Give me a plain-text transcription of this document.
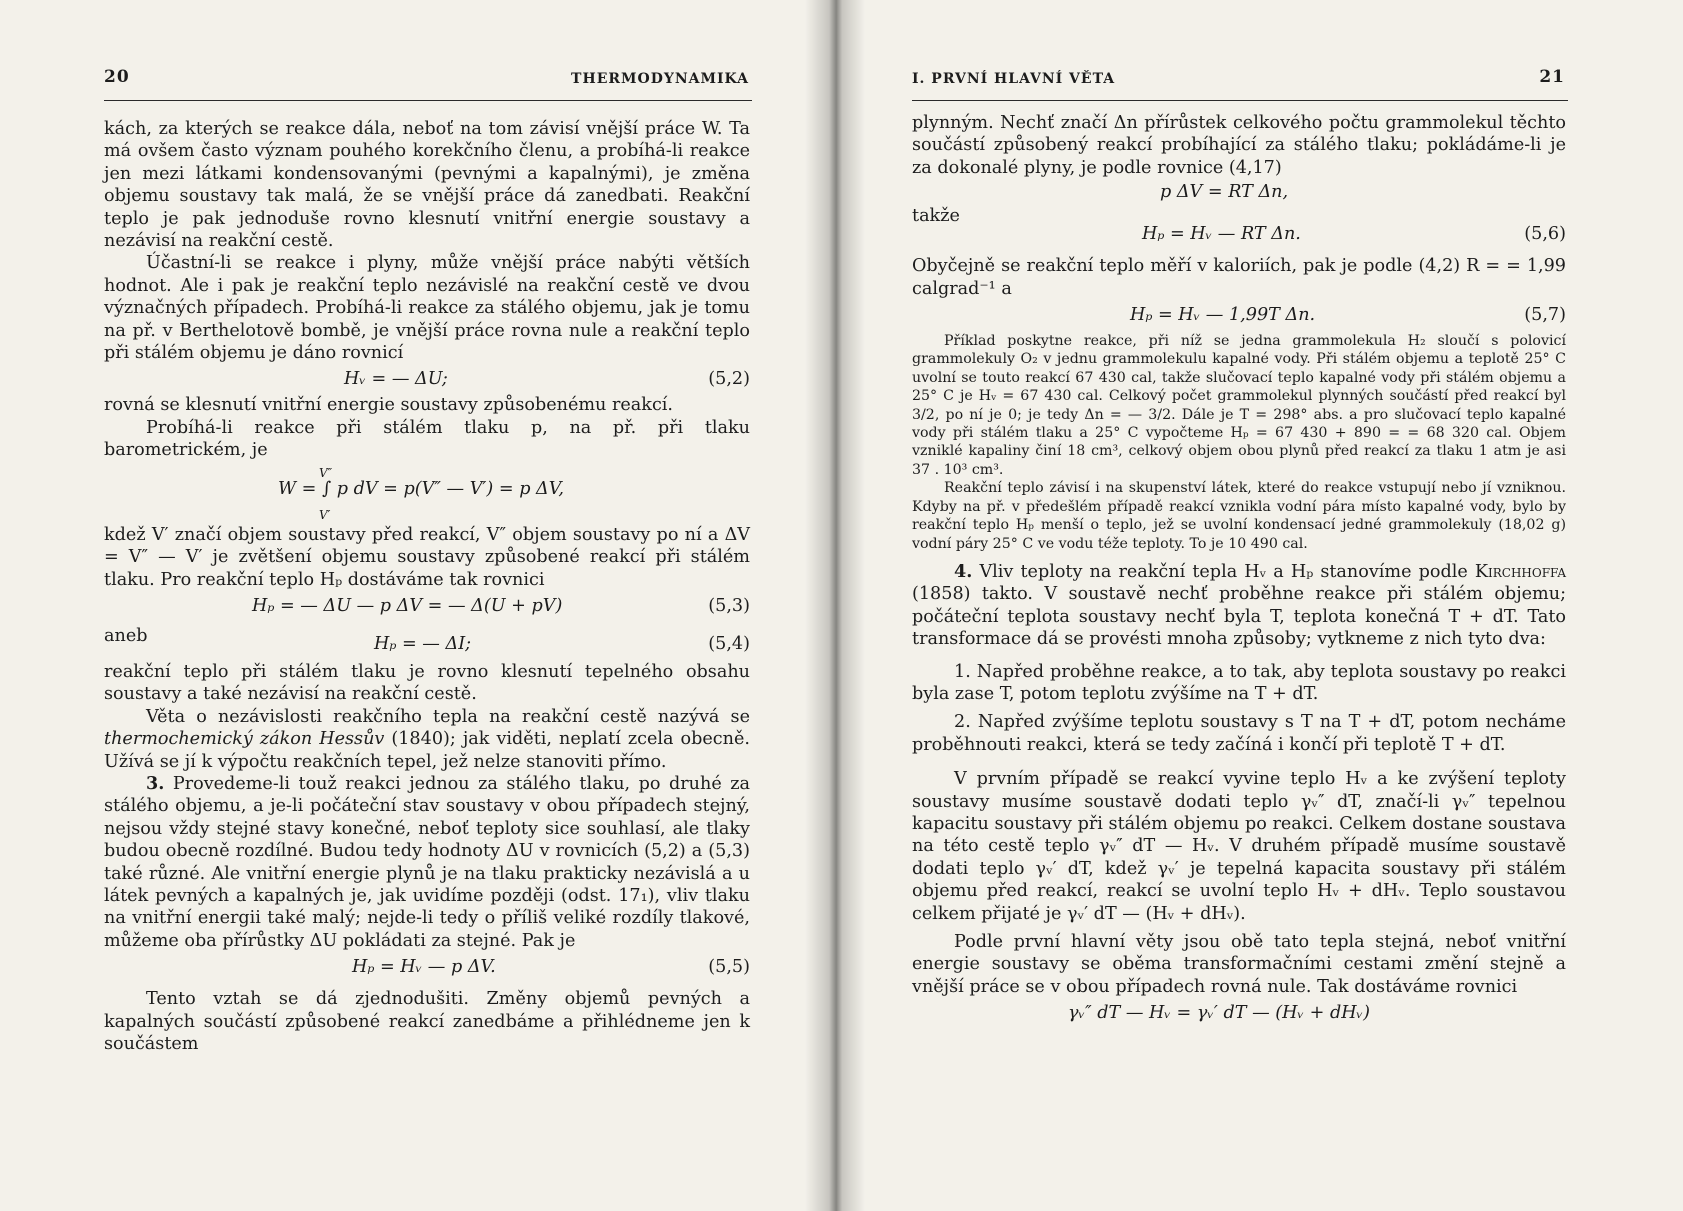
20	THERMODYNAMIKA

kách, za kterých se reakce dála, neboť na tom závisí vnější práce W. Ta má ovšem často význam pouhého korekčního členu, a probíhá-li reakce jen mezi látkami kondensovanými (pevnými a kapalnými), je změna objemu soustavy tak malá, že se vnější práce dá zanedbati. Reakční teplo je pak jednoduše rovno klesnutí vnitřní energie soustavy a nezávisí na reakční cestě.

Účastní-li se reakce i plyny, může vnější práce nabýti větších hodnot. Ale i pak je reakční teplo nezávislé na reakční cestě ve dvou význačných případech. Probíhá-li reakce za stálého objemu, jak je tomu na př. v Berthelotově bombě, je vnější práce rovna nule a reakční teplo při stálém objemu je dáno rovnicí

Hᵥ = — ΔU;	(5,2)

rovná se klesnutí vnitřní energie soustavy způsobenému reakcí.

Probíhá-li reakce při stálém tlaku p, na př. při tlaku barometrickém, je

V″
W = ∫ p dV = p(V″ — V′) = p ΔV,
V′

kdež V′ značí objem soustavy před reakcí, V″ objem soustavy po ní a ΔV = V″ — V′ je zvětšení objemu soustavy způsobené reakcí při stálém tlaku. Pro reakční teplo Hₚ dostáváme tak rovnici

Hₚ = — ΔU — p ΔV = — Δ(U + pV)	(5,3)
aneb	Hₚ = — ΔI;	(5,4)

reakční teplo při stálém tlaku je rovno klesnutí tepelného obsahu soustavy a také nezávisí na reakční cestě.

Věta o nezávislosti reakčního tepla na reakční cestě nazývá se thermochemický zákon Hessův (1840); jak viděti, neplatí zcela obecně. Užívá se jí k výpočtu reakčních tepel, jež nelze stanoviti přímo.

3. Provedeme-li touž reakci jednou za stálého tlaku, po druhé za stálého objemu, a je-li počáteční stav soustavy v obou případech stejný, nejsou vždy stejné stavy konečné, neboť teploty sice souhlasí, ale tlaky budou obecně rozdílné. Budou tedy hodnoty ΔU v rovnicích (5,2) a (5,3) také různé. Ale vnitřní energie plynů je na tlaku prakticky nezávislá a u látek pevných a kapalných je, jak uvidíme později (odst. 17₁), vliv tlaku na vnitřní energii také malý; nejde-li tedy o příliš veliké rozdíly tlakové, můžeme oba přírůstky ΔU pokládati za stejné. Pak je

Hₚ = Hᵥ — p ΔV.	(5,5)

Tento vztah se dá zjednodušiti. Změny objemů pevných a kapalných součástí způsobené reakcí zanedbáme a přihlédneme jen k součástem

I. PRVNÍ HLAVNÍ VĚTA	21

plynným. Nechť značí Δn přírůstek celkového počtu grammolekul těchto součástí způsobený reakcí probíhající za stálého tlaku; pokládáme-li je za dokonalé plyny, je podle rovnice (4,17)

p ΔV = RT Δn,
takže
Hₚ = Hᵥ — RT Δn.	(5,6)

Obyčejně se reakční teplo měří v kaloriích, pak je podle (4,2) R = = 1,99 calgrad⁻¹ a

Hₚ = Hᵥ — 1,99T Δn.	(5,7)

Příklad poskytne reakce, při níž se jedna grammolekula H₂ sloučí s polovicí grammolekuly O₂ v jednu grammolekulu kapalné vody. Při stálém objemu a teplotě 25° C uvolní se touto reakcí 67 430 cal, takže slučovací teplo kapalné vody při stálém objemu a 25° C je Hᵥ = 67 430 cal. Celkový počet grammolekul plynných součástí před reakcí byl 3/2, po ní je 0; je tedy Δn = — 3/2. Dále je T = 298° abs. a pro slučovací teplo kapalné vody při stálém tlaku a 25° C vypočteme Hₚ = 67 430 + 890 = = 68 320 cal. Objem vzniklé kapaliny činí 18 cm³, celkový objem obou plynů před reakcí za tlaku 1 atm je asi 37 . 10³ cm³.

Reakční teplo závisí i na skupenství látek, které do reakce vstupují nebo jí vzniknou. Kdyby na př. v předešlém případě reakcí vznikla vodní pára místo kapalné vody, bylo by reakční teplo Hₚ menší o teplo, jež se uvolní kondensací jedné grammolekuly (18,02 g) vodní páry 25° C ve vodu téže teploty. To je 10 490 cal.

4. Vliv teploty na reakční tepla Hᵥ a Hₚ stanovíme podle Kirchhoffa (1858) takto. V soustavě nechť proběhne reakce při stálém objemu; počáteční teplota soustavy nechť byla T, teplota konečná T + dT. Tato transformace dá se provésti mnoha způsoby; vytkneme z nich tyto dva:

1. Napřed proběhne reakce, a to tak, aby teplota soustavy po reakci byla zase T, potom teplotu zvýšíme na T + dT.

2. Napřed zvýšíme teplotu soustavy s T na T + dT, potom necháme proběhnouti reakci, která se tedy začíná i končí při teplotě T + dT.

V prvním případě se reakcí vyvine teplo Hᵥ a ke zvýšení teploty soustavy musíme soustavě dodati teplo γᵥ″ dT, značí-li γᵥ″ tepelnou kapacitu soustavy při stálém objemu po reakci. Celkem dostane soustava na této cestě teplo γᵥ″ dT — Hᵥ. V druhém případě musíme soustavě dodati teplo γᵥ′ dT, kdež γᵥ′ je tepelná kapacita soustavy při stálém objemu před reakcí, reakcí se uvolní teplo Hᵥ + dHᵥ. Teplo soustavou celkem přijaté je γᵥ′ dT — (Hᵥ + dHᵥ).

Podle první hlavní věty jsou obě tato tepla stejná, neboť vnitřní energie soustavy se oběma transformačními cestami změní stejně a vnější práce se v obou případech rovná nule. Tak dostáváme rovnici

γᵥ″ dT — Hᵥ = γᵥ′ dT — (Hᵥ + dHᵥ)
